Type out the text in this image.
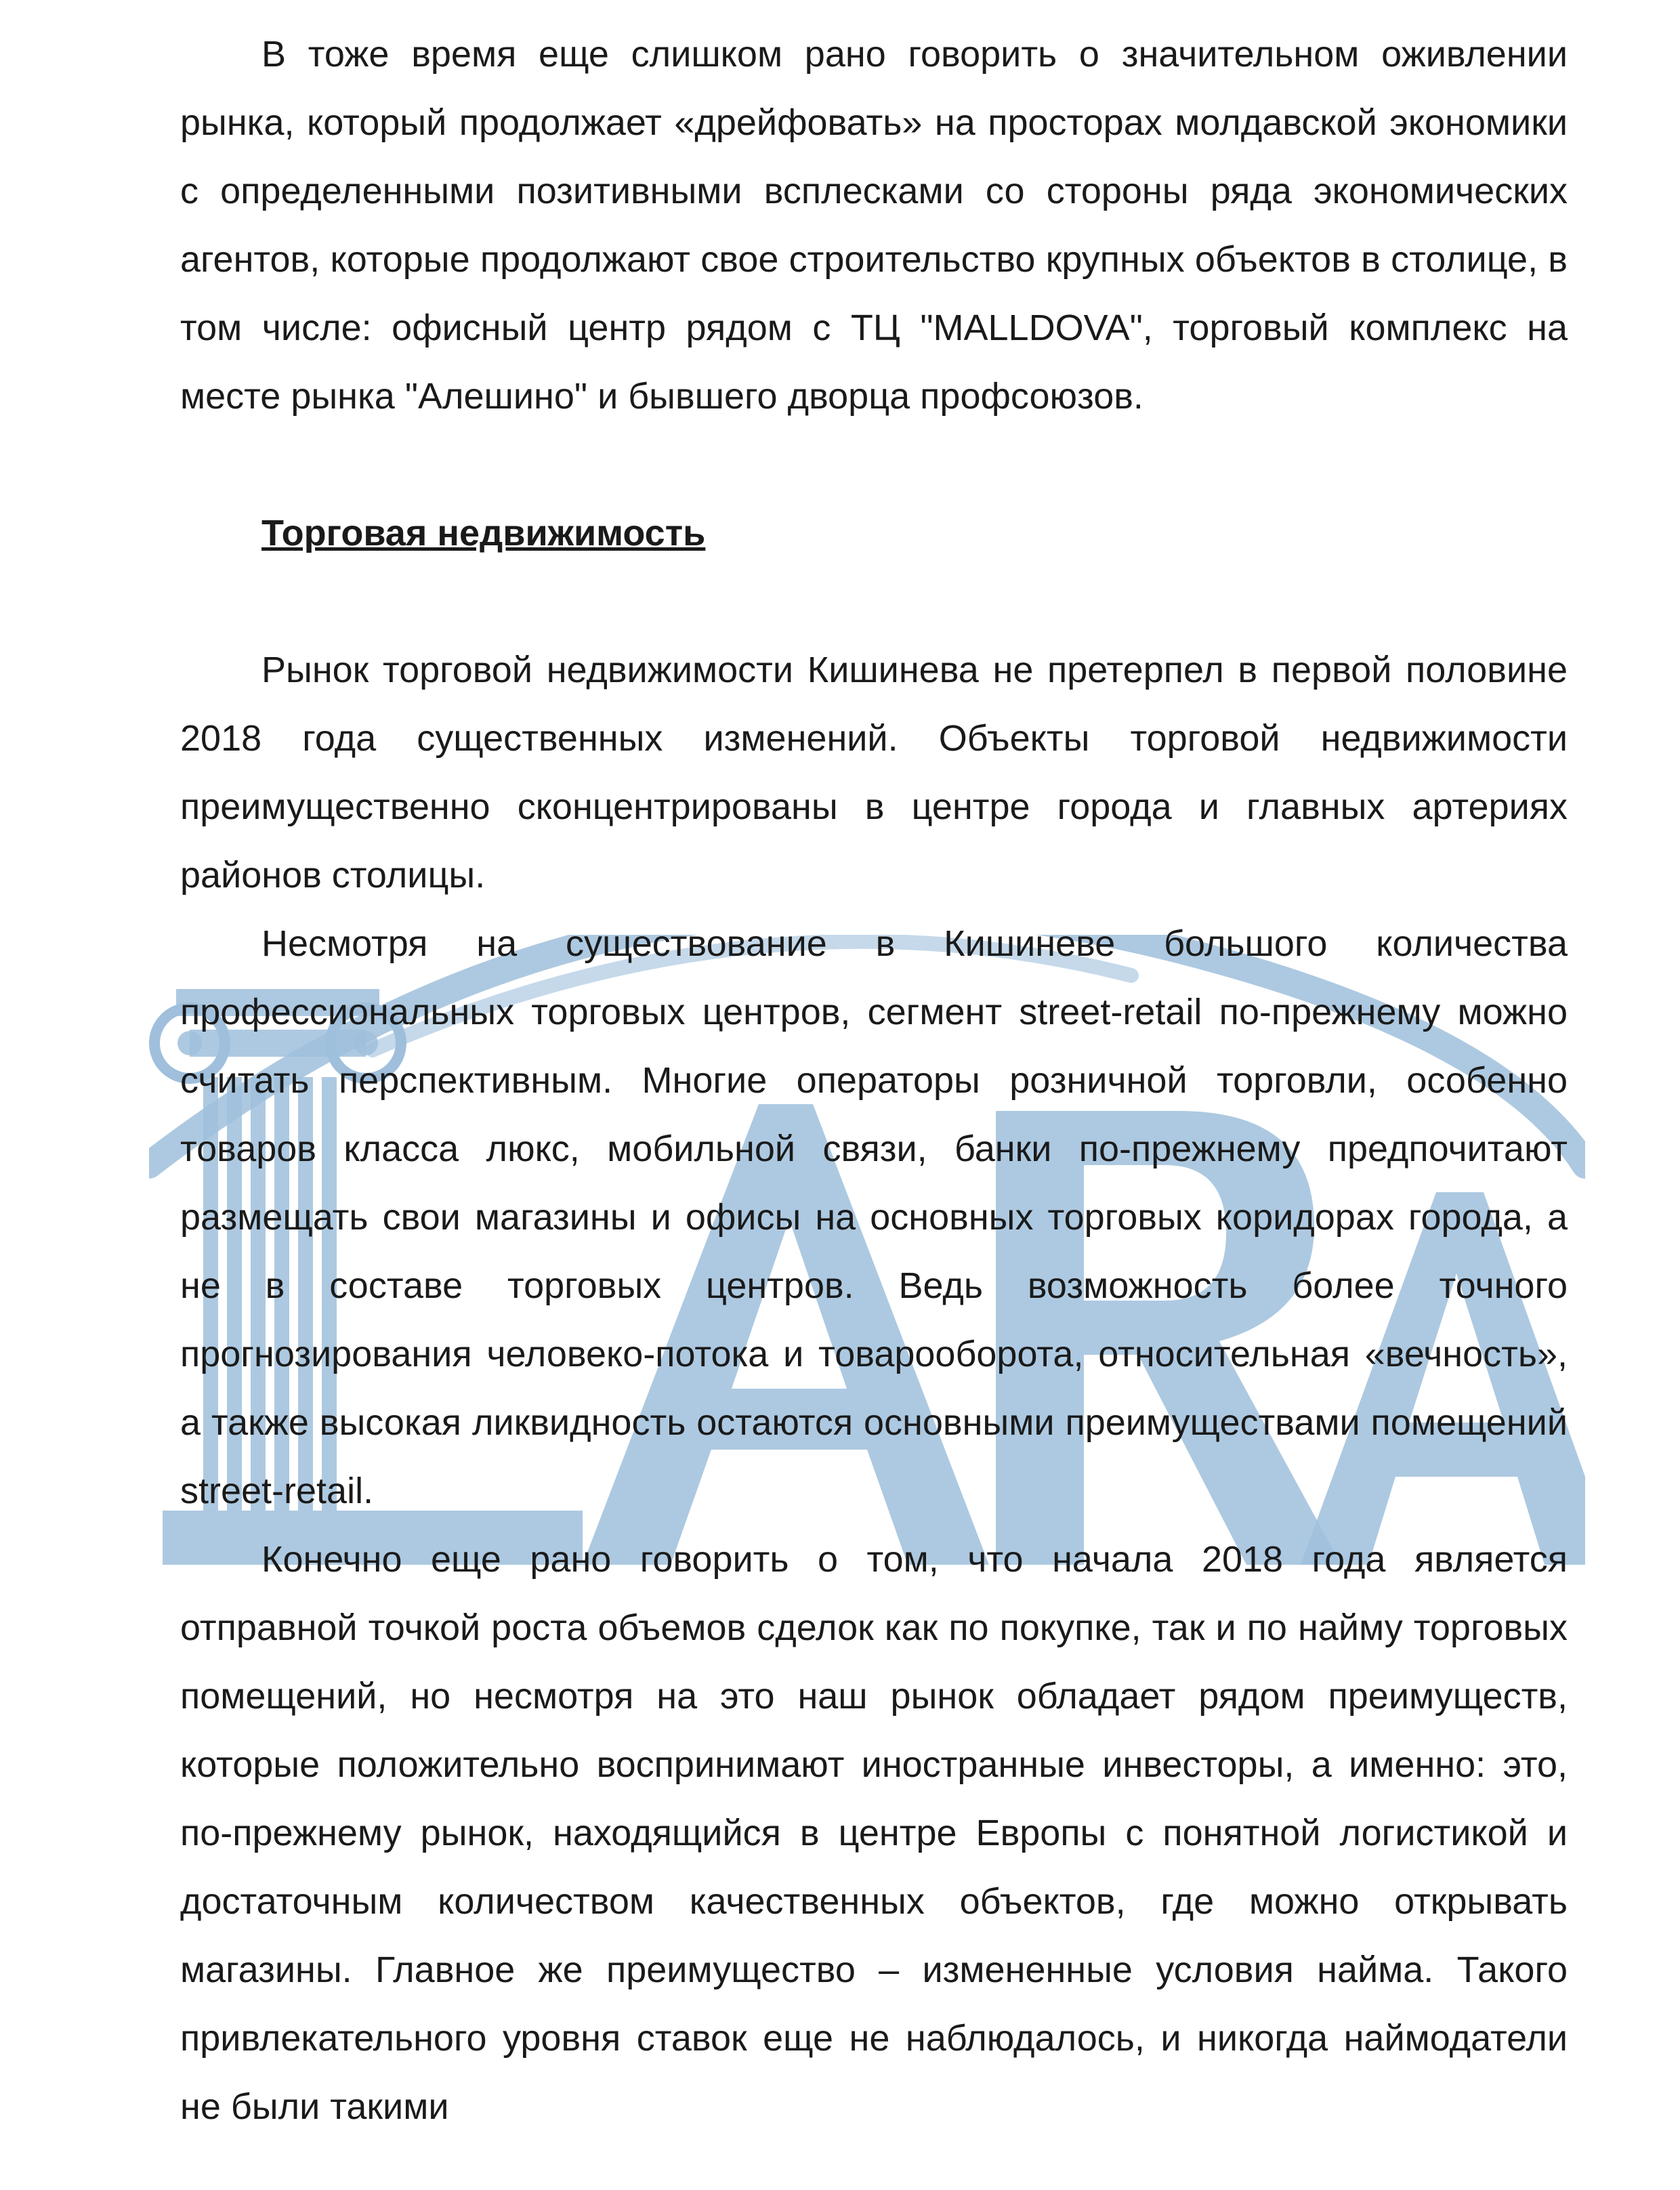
В тоже время еще слишком рано говорить о значительном оживлении рынка, который продолжает «дрейфовать» на просторах молдавской экономики с определенными позитивными всплесками со стороны ряда экономических агентов, которые продолжают свое строительство крупных объектов в столице, в том числе: офисный центр рядом с ТЦ "MALLDOVA", торговый комплекс на месте рынка "Алешино" и бывшего дворца профсоюзов.

Торговая недвижимость

Рынок торговой недвижимости Кишинева не претерпел в первой половине 2018 года существенных изменений. Объекты торговой недвижимости преимущественно сконцентрированы в центре города и главных артериях районов столицы.

Несмотря на существование в Кишиневе большого количества профессиональных торговых центров, сегмент street-retail по-прежнему можно считать перспективным. Многие операторы розничной торговли, особенно товаров класса люкс, мобильной связи, банки по-прежнему предпочитают размещать свои магазины и офисы на основных торговых коридорах города, а не в составе торговых центров. Ведь возможность более точного прогнозирования человеко-потока и товарооборота, относительная «вечность», а также высокая ликвидность остаются основными преимуществами помещений street-retail.

Конечно еще рано говорить о том, что начала 2018 года является отправной точкой роста объемов сделок как по покупке, так и по найму торговых помещений, но несмотря на это наш рынок обладает рядом преимуществ, которые положительно воспринимают иностранные инвесторы, а именно: это, по-прежнему рынок, находящийся в центре Европы с понятной логистикой и достаточным количеством качественных объектов, где можно открывать магазины. Главное же преимущество – измененные условия найма. Такого привлекательного уровня ставок еще не наблюдалось, и никогда наймодатели не были такими
